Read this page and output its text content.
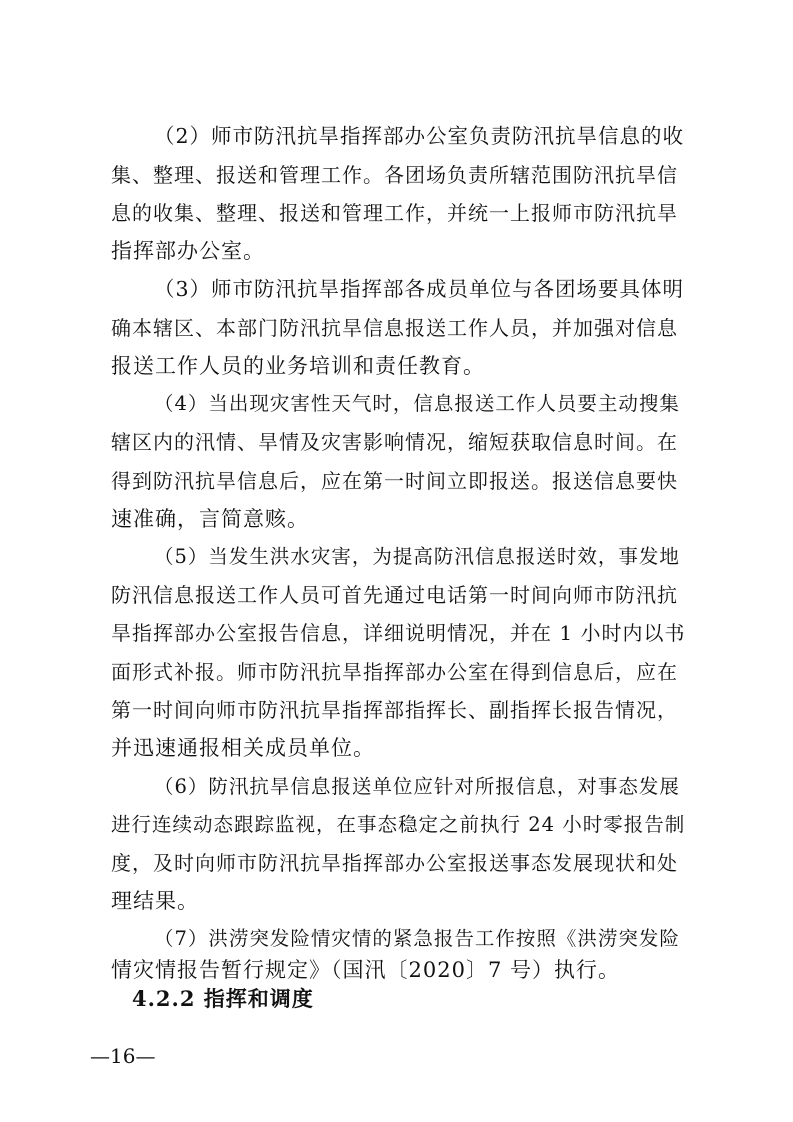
（2）师市防汛抗旱指挥部办公室负责防汛抗旱信息的收
集、整理、报送和管理工作。各团场负责所辖范围防汛抗旱信
息的收集、整理、报送和管理工作，并统一上报师市防汛抗旱
指挥部办公室。
（3）师市防汛抗旱指挥部各成员单位与各团场要具体明
确本辖区、本部门防汛抗旱信息报送工作人员，并加强对信息
报送工作人员的业务培训和责任教育。
（4）当出现灾害性天气时，信息报送工作人员要主动搜集
辖区内的汛情、旱情及灾害影响情况，缩短获取信息时间。在
得到防汛抗旱信息后，应在第一时间立即报送。报送信息要快
速准确，言简意赅。
（5）当发生洪水灾害，为提高防汛信息报送时效，事发地
防汛信息报送工作人员可首先通过电话第一时间向师市防汛抗
旱指挥部办公室报告信息，详细说明情况，并在 1 小时内以书
面形式补报。师市防汛抗旱指挥部办公室在得到信息后，应在
第一时间向师市防汛抗旱指挥部指挥长、副指挥长报告情况，
并迅速通报相关成员单位。
（6）防汛抗旱信息报送单位应针对所报信息，对事态发展
进行连续动态跟踪监视，在事态稳定之前执行 24 小时零报告制
度，及时向师市防汛抗旱指挥部办公室报送事态发展现状和处
理结果。
（7）洪涝突发险情灾情的紧急报告工作按照《洪涝突发险
情灾情报告暂行规定》（国汛〔2020〕7 号）执行。
4.2.2 指挥和调度
—16—
